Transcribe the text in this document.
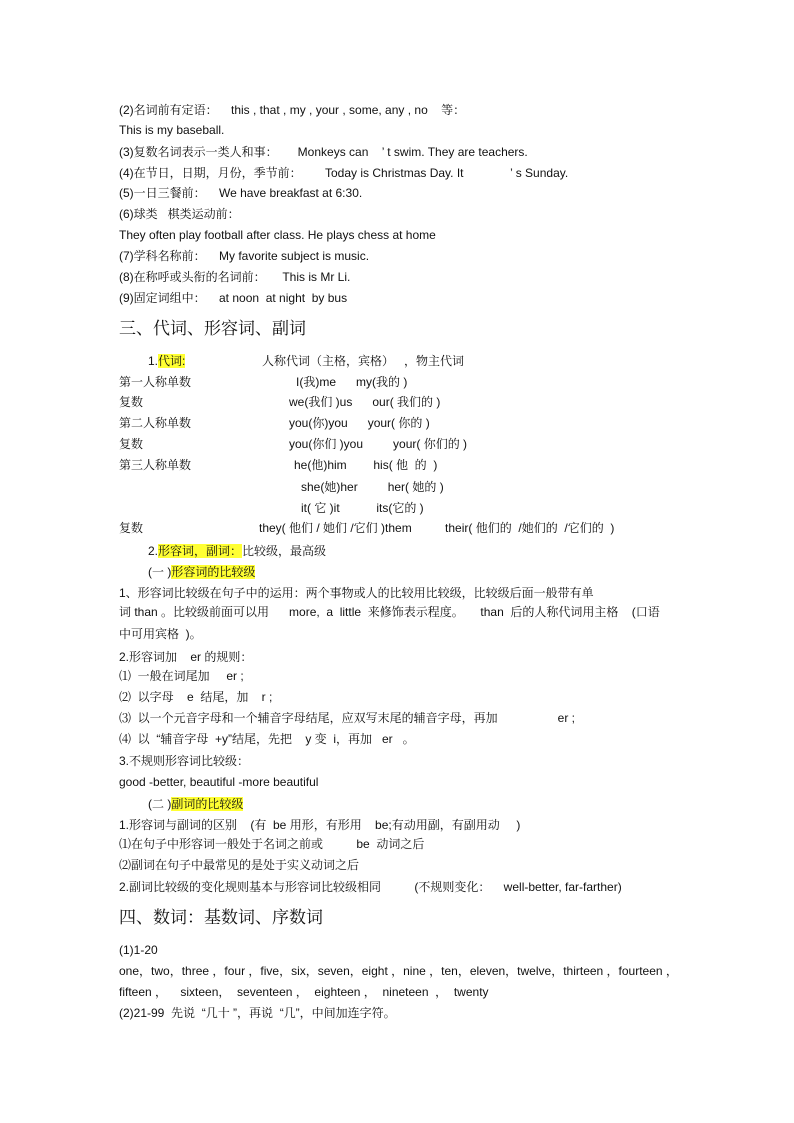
(2)名词前有定语：    this , that , my , your , some, any , no    等：
This is my baseball.
(3)复数名词表示一类人和事：      Monkeys can    ’ t swim. They are teachers.
(4)在节日，日期，月份，季节前：       Today is Christmas Day. It              ’ s Sunday.
(5)一日三餐前：    We have breakfast at 6:30.
(6)球类   棋类运动前：
They often play football after class. He plays chess at home
(7)学科名称前：    My favorite subject is music.
(8)在称呼或头衔的名词前：     This is Mr Li.
(9)固定词组中：    at noon  at night  by bus
三、代词、形容词、副词
1.代词:	人称代词（主格，宾格）   ，物主代词
第一人称单数	I(我)me      my(我的 )
复数	we(我们 )us      our( 我们的 )
第二人称单数	you(你)you      your( 你的 )
复数	you(你们 )you         your( 你们的 )
第三人称单数	he(他)him        his( 他  的  )
she(她)her         her( 她的 )
it( 它 )it           its(它的 )
复数	they( 他们 / 她们 /它们 )them          their( 他们的  /她们的  /它们的  )
2.形容词，副词：比较级，最高级
(一 )形容词的比较级
1、形容词比较级在句子中的运用：两个事物或人的比较用比较级，比较级后面一般带有单
词 than 。比较级前面可以用      more,  a  little  来修饰表示程度。     than  后的人称代词用主格    (口语
中可用宾格  )。
2.形容词加    er 的规则：
⑴  一般在词尾加     er ;
⑵  以字母    e  结尾，加    r ;
⑶  以一个元音字母和一个辅音字母结尾，应双写末尾的辅音字母，再加                  er ;
⑷  以  “辅音字母  +y”结尾，先把    y 变  i，再加   er   。
3.不规则形容词比较级：
good -better, beautiful -more beautiful
(二 )副词的比较级
1.形容词与副词的区别    (有  be 用形，有形用    be;有动用副，有副用动     )
⑴在句子中形容词一般处于名词之前或          be  动词之后
⑵副词在句子中最常见的是处于实义动词之后
2.副词比较级的变化规则基本与形容词比较级相同          (不规则变化：    well-better, far-farther)
四、数词：基数词、序数词
(1)1-20
one，two，three ，four ，five，six，seven，eight ，nine ，ten，eleven，twelve，thirteen ，fourteen ，
fifteen ，    sixteen，  seventeen ，  eighteen ，  nineteen  ，  twenty
(2)21-99  先说  “几十 ”，再说  “几”，中间加连字符。
